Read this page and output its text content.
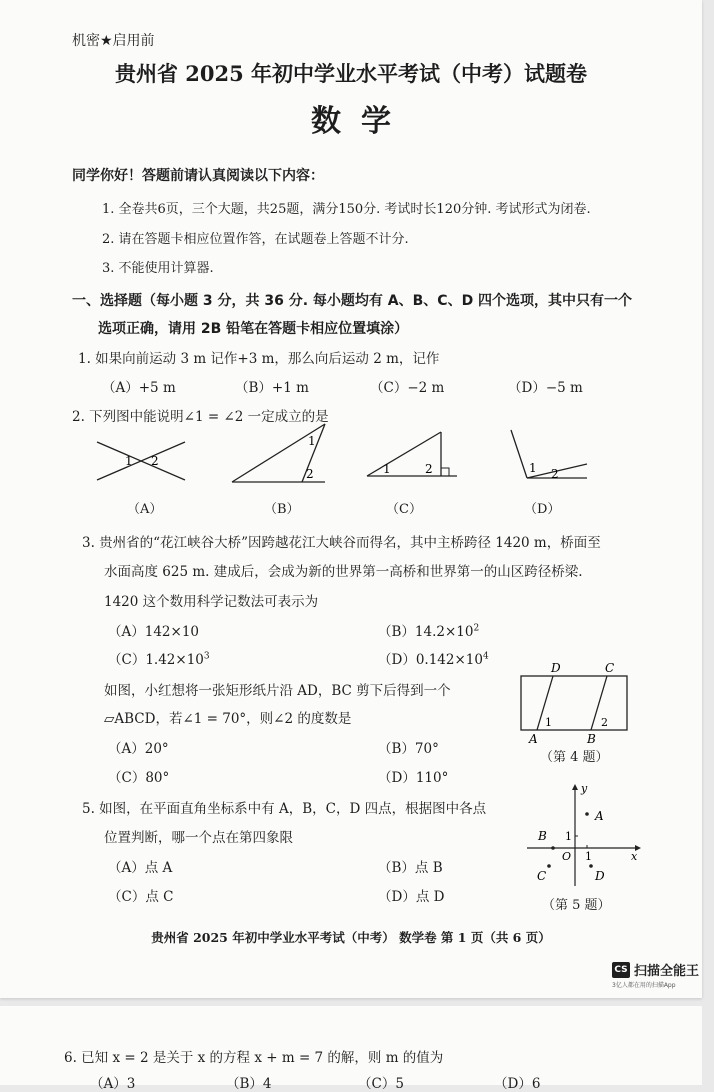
机密★启用前
贵州省 2025 年初中学业水平考试（中考）试题卷
数学
同学你好！答题前请认真阅读以下内容：
1. 全卷共6页，三个大题，共25题，满分150分. 考试时长120分钟. 考试形式为闭卷.
2. 请在答题卡相应位置作答，在试题卷上答题不计分.
3. 不能使用计算器.
一、选择题（每小题 3 分，共 36 分. 每小题均有 A、B、C、D 四个选项，其中只有一个
选项正确，请用 2B 铅笔在答题卡相应位置填涂）
1. 如果向前运动 3 m 记作+3 m，那么向后运动 2 m，记作
（A）+5 m	（B）+1 m	（C）−2 m	（D）−5 m
2. 下列图中能说明∠1 = ∠2 一定成立的是
1 2
（A）
1
2
（B）
1	2
（C）
1 2
（D）
3. 贵州省的“花江峡谷大桥”因跨越花江大峡谷而得名，其中主桥跨径 1420 m，桥面至
水面高度 625 m. 建成后，会成为新的世界第一高桥和世界第一的山区跨径桥梁.
1420 这个数用科学记数法可表示为
（A）142×10	$(B)14.2\times 10^2$
$(C)1.42\times 10^3$	$(D)0.142\times 10^4$
如图，小红想将一张矩形纸片沿 AD，BC 剪下后得到一个
▱ABCD，若∠1 = 70°，则∠2 的度数是
（A）20°	（B）70°
（C）80°	（D）110°
D	C
A	B
1	2
（第 4 题）
5. 如图，在平面直角坐标系中有 A，B，C，D 四点，根据图中各点
位置判断，哪一个点在第四象限
（A）点 A	（B）点 B
（C）点 C	（D）点 D
y
x
O 1
1
A
B
C	D
（第 5 题）
贵州省 2025 年初中学业水平考试（中考） 数学卷 第 1 页（共 6 页）
CS 扫描全能王
3亿人都在用的扫描App
6. 已知 x = 2 是关于 x 的方程 x + m = 7 的解，则 m 的值为
（A）3	（B）4	（C）5	（D）6
